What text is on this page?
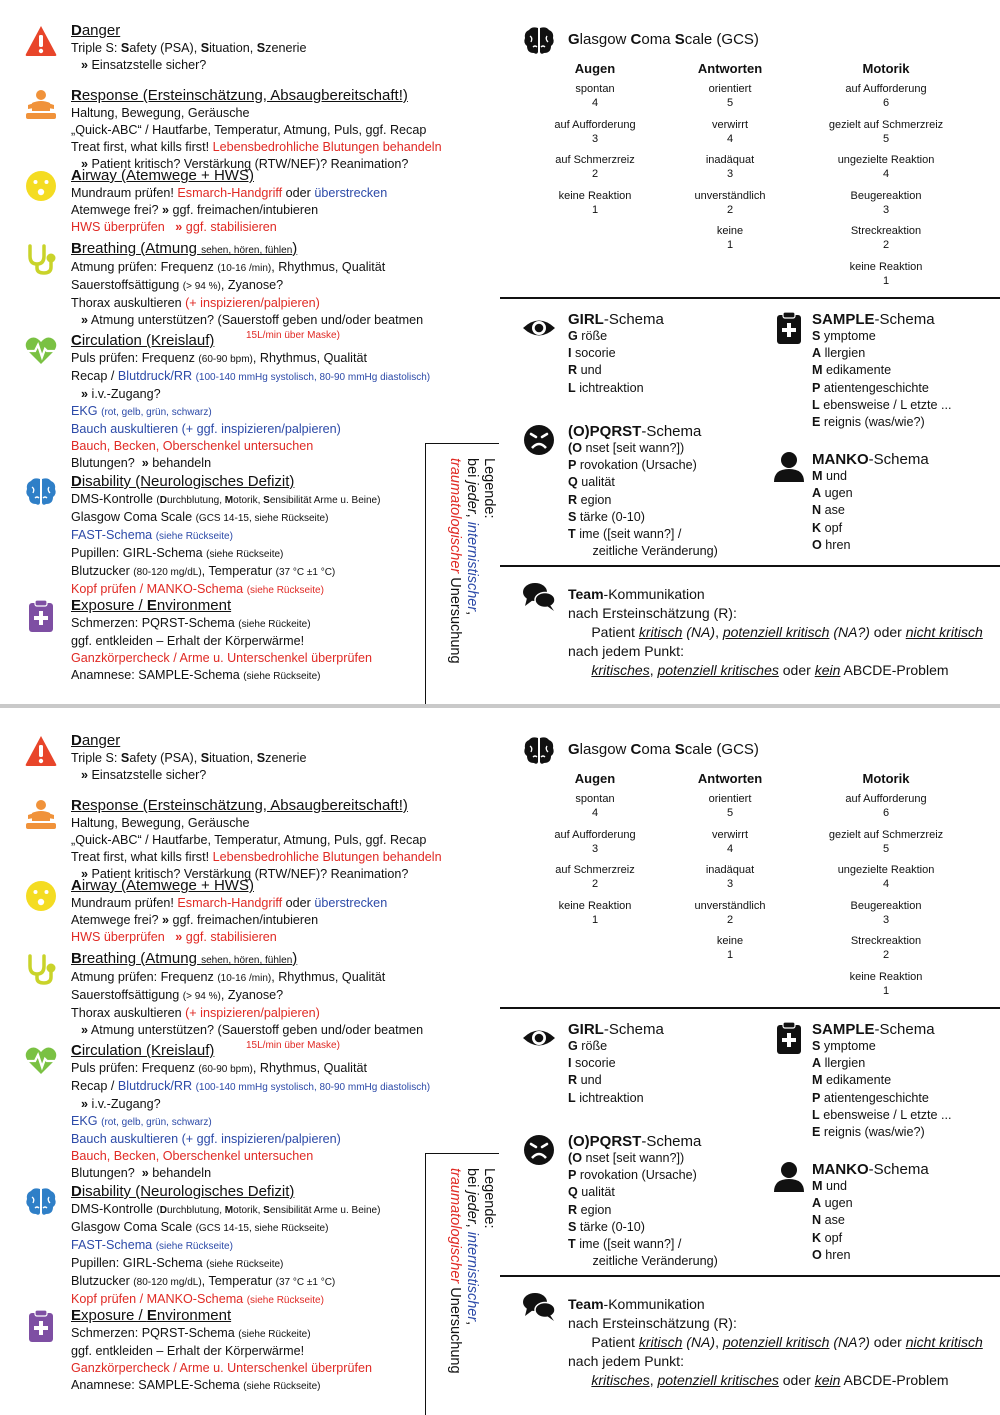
Danger
Triple S: Safety (PSA), Situation, Szenerie
» Einsatzstelle sicher?
Response (Ersteinschätzung, Absaugbereitschaft!)
Haltung, Bewegung, Geräusche
„Quick-ABC“ / Hautfarbe, Temperatur, Atmung, Puls, ggf. Recap
Treat first, what kills first! Lebensbedrohliche Blutungen behandeln
» Patient kritisch? Verstärkung (RTW/NEF)? Reanimation?
Airway (Atemwege + HWS)
Mundraum prüfen! Esmarch-Handgriff oder überstrecken
Atemwege frei? » ggf. freimachen/intubieren
HWS überprüfen   » ggf. stabilisieren
Breathing (Atmung sehen, hören, fühlen)
Atmung prüfen: Frequenz (10-16 /min), Rhythmus, Qualität
Sauerstoffsättigung (> 94 %), Zyanose?
Thorax auskultieren (+ inspizieren/palpieren)
» Atmung unterstützen? (Sauerstoff geben und/oder beatmen
Circulation (Kreislauf)
Puls prüfen: Frequenz (60-90 bpm), Rhythmus, Qualität
Recap / Blutdruck/RR (100-140 mmHg systolisch, 80-90 mmHg diastolisch)
» i.v.-Zugang?
EKG (rot, gelb, grün, schwarz)
Bauch auskultieren (+ ggf. inspizieren/palpieren)
Bauch, Becken, Oberschenkel untersuchen
Blutungen?  » behandeln
Disability (Neurologisches Defizit)
DMS-Kontrolle (Durchblutung, Motorik, Sensibilität Arme u. Beine)
Glasgow Coma Scale (GCS 14-15, siehe Rückseite)
FAST-Schema (siehe Rückseite)
Pupillen: GIRL-Schema (siehe Rückseite)
Blutzucker (80-120 mg/dL), Temperatur (37 °C ±1 °C)
Kopf prüfen / MANKO-Schema (siehe Rückseite)
Exposure / Environment
Schmerzen: PQRST-Schema (siehe Rückeite)
ggf. entkleiden – Erhalt der Körperwärme!
Ganzkörpercheck / Arme u. Unterschenkel überprüfen
Anamnese: SAMPLE-Schema (siehe Rückseite)
15L/min über Maske)
Legende:
bei jeder, internistischer,
traumatologischer Unersuchung
Glasgow Coma Scale (GCS)
Augen
spontan
4
auf Aufforderung
3
auf Schmerzreiz
2
keine Reaktion
1
Antworten
orientiert
5
verwirrt
4
inadäquat
3
unverständlich
2
keine
1
Motorik
auf Aufforderung
6
gezielt auf Schmerzreiz
5
ungezielte Reaktion
4
Beugereaktion
3
Streckreaktion
2
keine Reaktion
1
GIRL-Schema
G röße
I socorie
R und
L ichtreaktion
(O)PQRST-Schema
(O nset [seit wann?])
P rovokation (Ursache)
Q ualität
R egion
S tärke (0-10)
T ime ([seit wann?] /
zeitliche Veränderung)
SAMPLE-Schema
S ymptome
A llergien
M edikamente
P atientengeschichte
L ebensweise / L etzte ...
E reignis (was/wie?)
MANKO-Schema
M und
A ugen
N ase
K opf
O hren
Team-Kommunikation
nach Ersteinschätzung (R):
Patient kritisch (NA), potenziell kritisch (NA?) oder nicht kritisch
nach jedem Punkt:
kritisches, potenziell kritisches oder kein ABCDE-Problem
Danger
Triple S: Safety (PSA), Situation, Szenerie
» Einsatzstelle sicher?
Response (Ersteinschätzung, Absaugbereitschaft!)
Haltung, Bewegung, Geräusche
„Quick-ABC“ / Hautfarbe, Temperatur, Atmung, Puls, ggf. Recap
Treat first, what kills first! Lebensbedrohliche Blutungen behandeln
» Patient kritisch? Verstärkung (RTW/NEF)? Reanimation?
Airway (Atemwege + HWS)
Mundraum prüfen! Esmarch-Handgriff oder überstrecken
Atemwege frei? » ggf. freimachen/intubieren
HWS überprüfen   » ggf. stabilisieren
Breathing (Atmung sehen, hören, fühlen)
Atmung prüfen: Frequenz (10-16 /min), Rhythmus, Qualität
Sauerstoffsättigung (> 94 %), Zyanose?
Thorax auskultieren (+ inspizieren/palpieren)
» Atmung unterstützen? (Sauerstoff geben und/oder beatmen
Circulation (Kreislauf)
Puls prüfen: Frequenz (60-90 bpm), Rhythmus, Qualität
Recap / Blutdruck/RR (100-140 mmHg systolisch, 80-90 mmHg diastolisch)
» i.v.-Zugang?
EKG (rot, gelb, grün, schwarz)
Bauch auskultieren (+ ggf. inspizieren/palpieren)
Bauch, Becken, Oberschenkel untersuchen
Blutungen?  » behandeln
Disability (Neurologisches Defizit)
DMS-Kontrolle (Durchblutung, Motorik, Sensibilität Arme u. Beine)
Glasgow Coma Scale (GCS 14-15, siehe Rückseite)
FAST-Schema (siehe Rückseite)
Pupillen: GIRL-Schema (siehe Rückseite)
Blutzucker (80-120 mg/dL), Temperatur (37 °C ±1 °C)
Kopf prüfen / MANKO-Schema (siehe Rückseite)
Exposure / Environment
Schmerzen: PQRST-Schema (siehe Rückeite)
ggf. entkleiden – Erhalt der Körperwärme!
Ganzkörpercheck / Arme u. Unterschenkel überprüfen
Anamnese: SAMPLE-Schema (siehe Rückseite)
15L/min über Maske)
Legende:
bei jeder, internistischer,
traumatologischer Unersuchung
Glasgow Coma Scale (GCS)
Augen
spontan
4
auf Aufforderung
3
auf Schmerzreiz
2
keine Reaktion
1
Antworten
orientiert
5
verwirrt
4
inadäquat
3
unverständlich
2
keine
1
Motorik
auf Aufforderung
6
gezielt auf Schmerzreiz
5
ungezielte Reaktion
4
Beugereaktion
3
Streckreaktion
2
keine Reaktion
1
GIRL-Schema
G röße
I socorie
R und
L ichtreaktion
(O)PQRST-Schema
(O nset [seit wann?])
P rovokation (Ursache)
Q ualität
R egion
S tärke (0-10)
T ime ([seit wann?] /
zeitliche Veränderung)
SAMPLE-Schema
S ymptome
A llergien
M edikamente
P atientengeschichte
L ebensweise / L etzte ...
E reignis (was/wie?)
MANKO-Schema
M und
A ugen
N ase
K opf
O hren
Team-Kommunikation
nach Ersteinschätzung (R):
Patient kritisch (NA), potenziell kritisch (NA?) oder nicht kritisch
nach jedem Punkt:
kritisches, potenziell kritisches oder kein ABCDE-Problem
